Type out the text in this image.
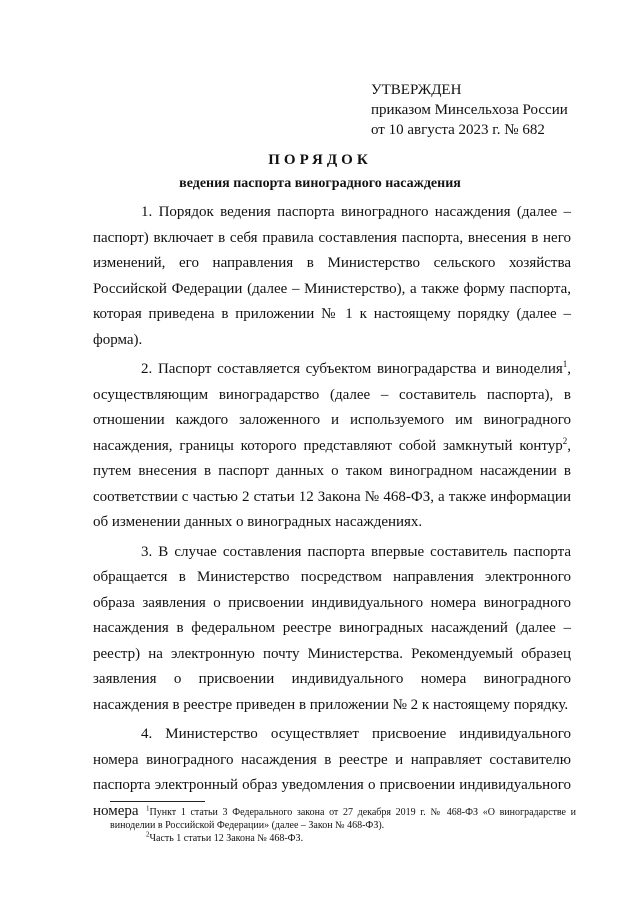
УТВЕРЖДЕН
приказом Минсельхоза России
от 10 августа 2023 г. № 682
ПОРЯДОК
ведения паспорта виноградного насаждения

1. Порядок ведения паспорта виноградного насаждения (далее – паспорт) включает в себя правила составления паспорта, внесения в него изменений, его направления в Министерство сельского хозяйства Российской Федерации (далее – Министерство), а также форму паспорта, которая приведена в приложении № 1 к настоящему порядку (далее – форма).

2. Паспорт составляется субъектом виноградарства и виноделия$^1$, осуществляющим виноградарство (далее – составитель паспорта), в отношении каждого заложенного и используемого им виноградного насаждения, границы которого представляют собой замкнутый контур$^2$, путем внесения в паспорт данных о таком виноградном насаждении в соответствии с частью 2 статьи 12 Закона № 468-ФЗ, а также информации об изменении данных о виноградных насаждениях.

3. В случае составления паспорта впервые составитель паспорта обращается в Министерство посредством направления электронного образа заявления о присвоении индивидуального номера виноградного насаждения в федеральном реестре виноградных насаждений (далее – реестр) на электронную почту Министерства. Рекомендуемый образец заявления о присвоении индивидуального номера виноградного насаждения в реестре приведен в приложении № 2 к настоящему порядку.

4. Министерство осуществляет присвоение индивидуального номера виноградного насаждения в реестре и направляет составителю паспорта электронный образ уведомления о присвоении индивидуального номера	$^1$Пункт 1 статьи 3 Федерального закона от 27 декабря 2019 г. № 468-ФЗ «О виноградарстве и виноделии в Российской Федерации» (далее – Закон № 468-ФЗ).

$^2$Часть 1 статьи 12 Закона № 468-ФЗ.
